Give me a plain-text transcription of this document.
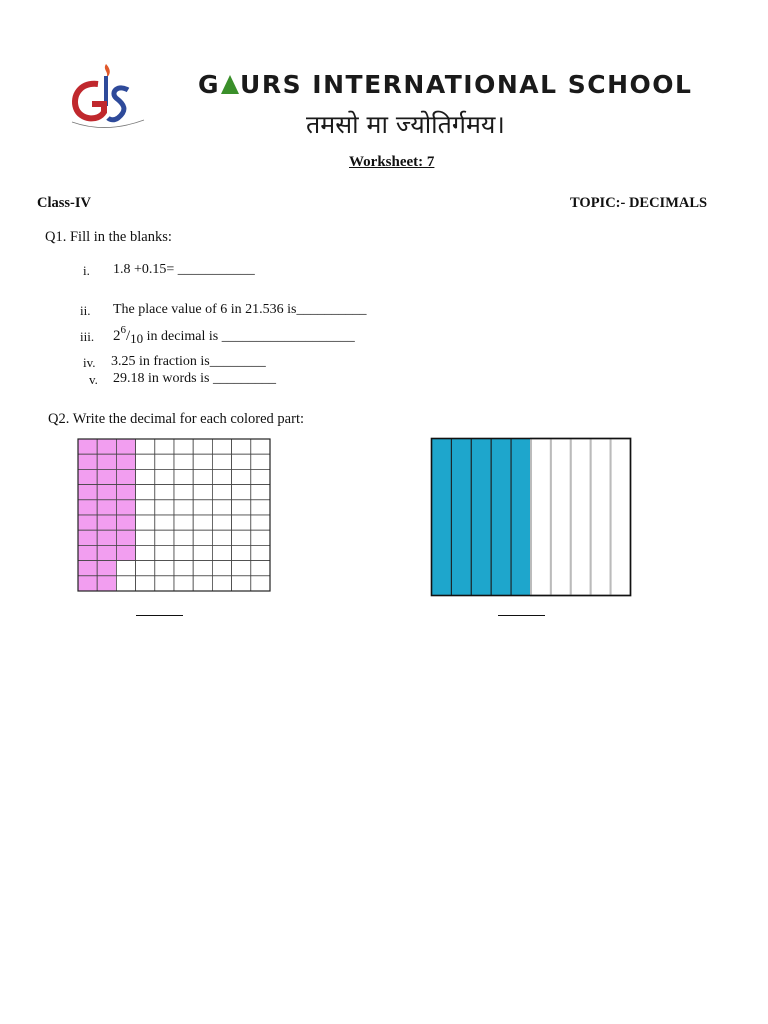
G URS INTERNATIONAL SCHOOL
तमसो मा ज्योतिर्गमय।
Worksheet: 7
Class-IV	TOPIC:- DECIMALS
Q1. Fill in the blanks:
i. 1.8 +0.15= ___________
ii. The place value of 6 in 21.536 is__________
iii. $2^6/10$ in decimal is ___________________
iv. 3.25 in fraction is________
v. 29.18 in words is _________
Q2. Write the decimal for each colored part:
